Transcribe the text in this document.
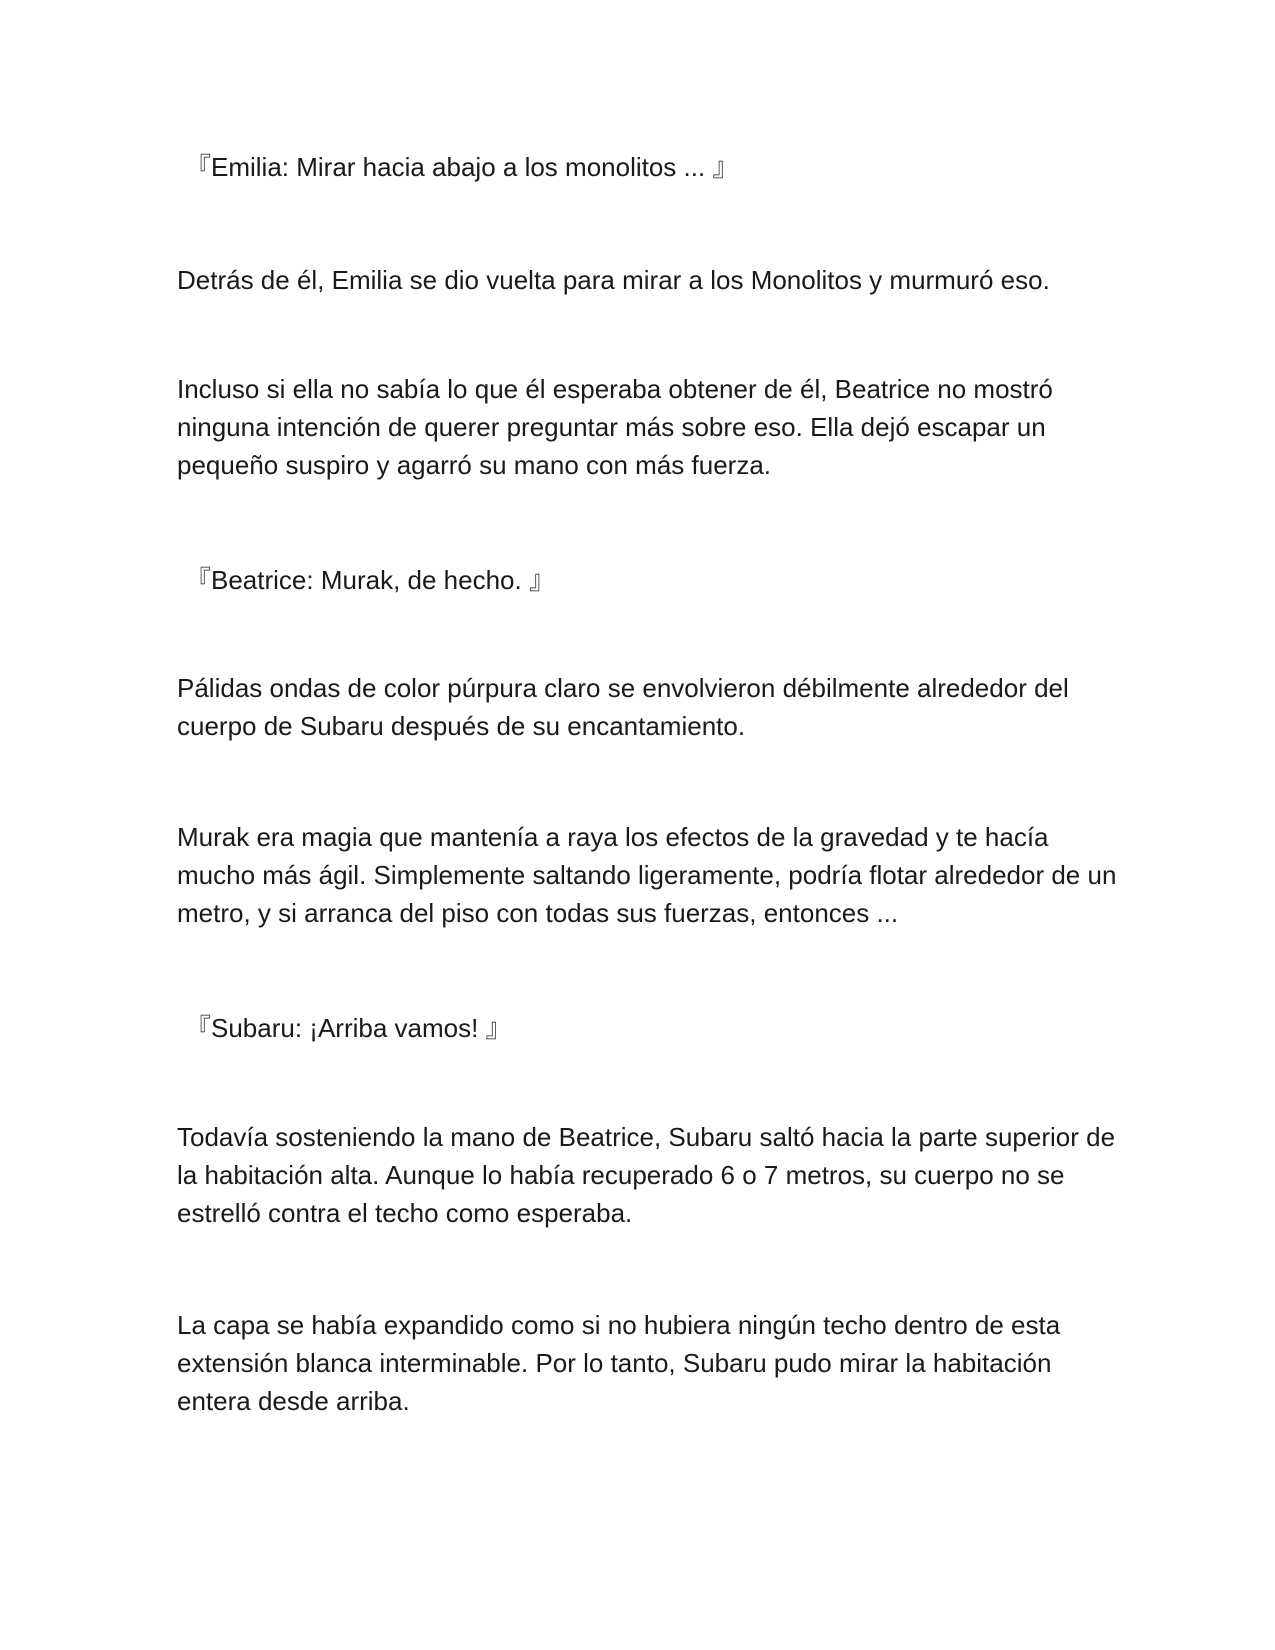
『Emilia: Mirar hacia abajo a los monolitos ... 』

Detrás de él, Emilia se dio vuelta para mirar a los Monolitos y murmuró eso.

Incluso si ella no sabía lo que él esperaba obtener de él, Beatrice no mostró ninguna intención de querer preguntar más sobre eso. Ella dejó escapar un pequeño suspiro y agarró su mano con más fuerza.

『Beatrice: Murak, de hecho. 』

Pálidas ondas de color púrpura claro se envolvieron débilmente alrededor del cuerpo de Subaru después de su encantamiento.

Murak era magia que mantenía a raya los efectos de la gravedad y te hacía mucho más ágil. Simplemente saltando ligeramente, podría flotar alrededor de un metro, y si arranca del piso con todas sus fuerzas, entonces ...

『Subaru: ¡Arriba vamos! 』

Todavía sosteniendo la mano de Beatrice, Subaru saltó hacia la parte superior de la habitación alta. Aunque lo había recuperado 6 o 7 metros, su cuerpo no se estrelló contra el techo como esperaba.

La capa se había expandido como si no hubiera ningún techo dentro de esta extensión blanca interminable. Por lo tanto, Subaru pudo mirar la habitación entera desde arriba.
